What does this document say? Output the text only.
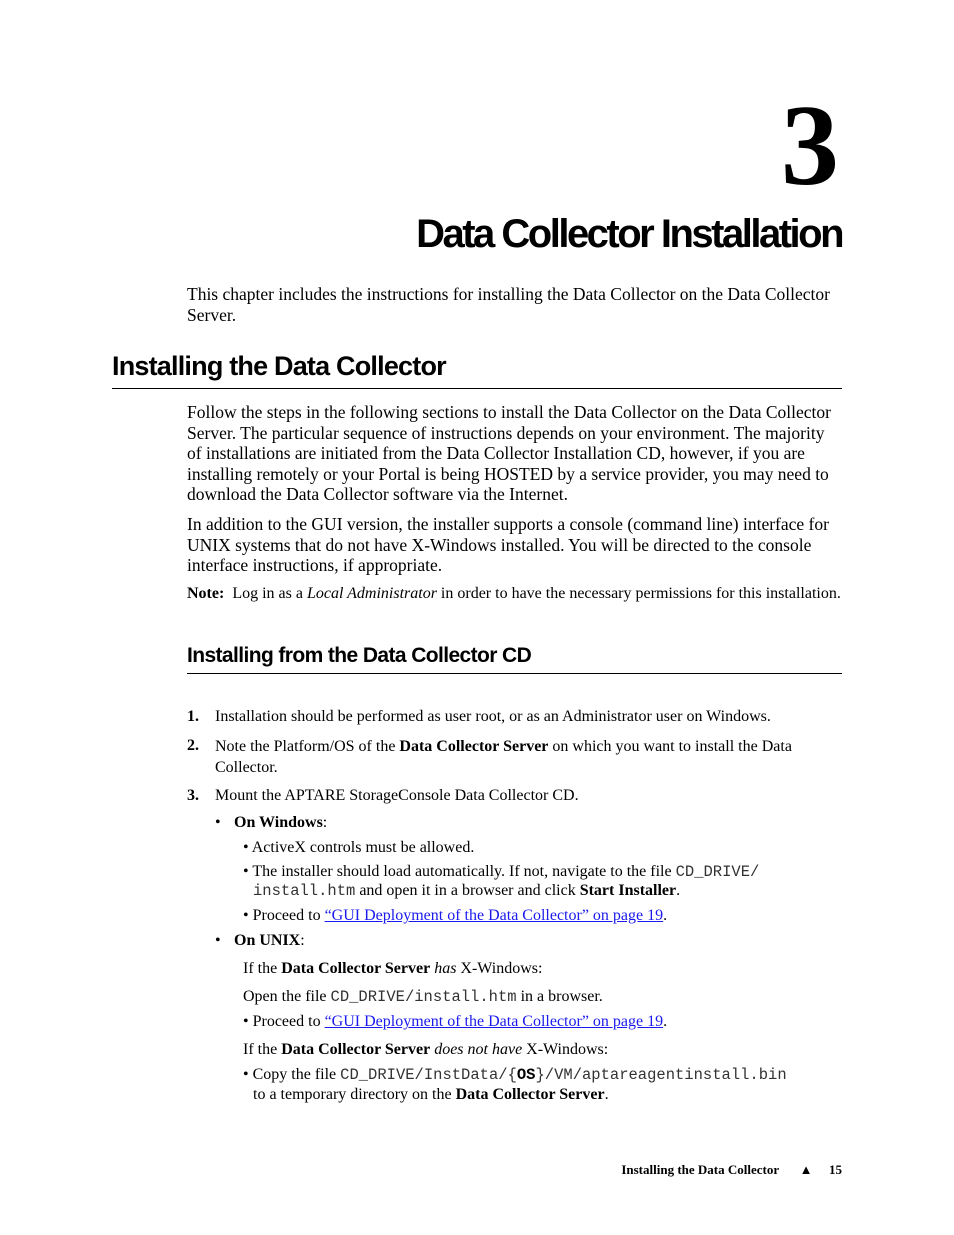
3
Data Collector Installation
This chapter includes the instructions for installing the Data Collector on the Data Collector Server.
Installing the Data Collector
Follow the steps in the following sections to install the Data Collector on the Data Collector Server. The particular sequence of instructions depends on your environment. The majority of installations are initiated from the Data Collector Installation CD, however, if you are installing remotely or your Portal is being HOSTED by a service provider, you may need to download the Data Collector software via the Internet.
In addition to the GUI version, the installer supports a console (command line) interface for UNIX systems that do not have X-Windows installed. You will be directed to the console interface instructions, if appropriate.
Note: Log in as a Local Administrator in order to have the necessary permissions for this installation.
Installing from the Data Collector CD
1. Installation should be performed as user root, or as an Administrator user on Windows.
2. Note the Platform/OS of the Data Collector Server on which you want to install the Data Collector.
3. Mount the APTARE StorageConsole Data Collector CD.
• On Windows:
• ActiveX controls must be allowed.
• The installer should load automatically. If not, navigate to the file CD_DRIVE/
install.htm and open it in a browser and click Start Installer.
• Proceed to “GUI Deployment of the Data Collector” on page 19.
• On UNIX:
If the Data Collector Server has X-Windows:
Open the file CD_DRIVE/install.htm in a browser.
• Proceed to “GUI Deployment of the Data Collector” on page 19.
If the Data Collector Server does not have X-Windows:
• Copy the file CD_DRIVE/InstData/{OS}/VM/aptareagentinstall.bin
to a temporary directory on the Data Collector Server.
Installing the Data Collector ▲ 15
